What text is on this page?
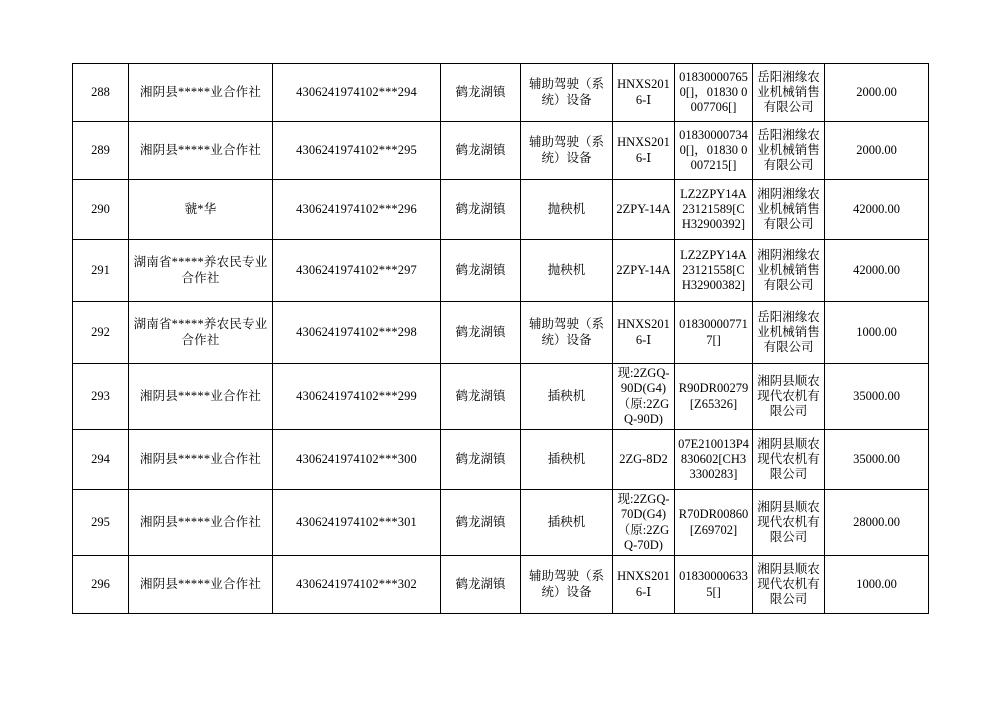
288	湘阴县*****业合作社	4306241974102***294	鹤龙湖镇	辅助驾驶（系统）设备	HNXS2016-Ⅰ	018300007650[]，01830 0007706[]	岳阳湘缘农业机械销售有限公司	2000.00
289	湘阴县*****业合作社	4306241974102***295	鹤龙湖镇	辅助驾驶（系统）设备	HNXS2016-Ⅰ	018300007340[]，01830 0007215[]	岳阳湘缘农业机械销售有限公司	2000.00
290	虢*华	4306241974102***296	鹤龙湖镇	抛秧机	2ZPY-14A	LZ2ZPY14A23121589[CH32900392]	湘阴湘缘农业机械销售有限公司	42000.00
291	湖南省*****养农民专业合作社	4306241974102***297	鹤龙湖镇	抛秧机	2ZPY-14A	LZ2ZPY14A23121558[CH32900382]	湘阴湘缘农业机械销售有限公司	42000.00
292	湖南省*****养农民专业合作社	4306241974102***298	鹤龙湖镇	辅助驾驶（系统）设备	HNXS2016-Ⅰ	018300007717[]	岳阳湘缘农业机械销售有限公司	1000.00
293	湘阴县*****业合作社	4306241974102***299	鹤龙湖镇	插秧机	现:2ZGQ-90D(G4)（原:2ZGQ-90D)	R90DR00279[Z65326]	湘阴县顺农现代农机有限公司	35000.00
294	湘阴县*****业合作社	4306241974102***300	鹤龙湖镇	插秧机	2ZG-8D2	07E210013P4830602[CH33300283]	湘阴县顺农现代农机有限公司	35000.00
295	湘阴县*****业合作社	4306241974102***301	鹤龙湖镇	插秧机	现:2ZGQ-70D(G4)（原:2ZGQ-70D)	R70DR00860[Z69702]	湘阴县顺农现代农机有限公司	28000.00
296	湘阴县*****业合作社	4306241974102***302	鹤龙湖镇	辅助驾驶（系统）设备	HNXS2016-Ⅰ	018300006335[]	湘阴县顺农现代农机有限公司	1000.00
